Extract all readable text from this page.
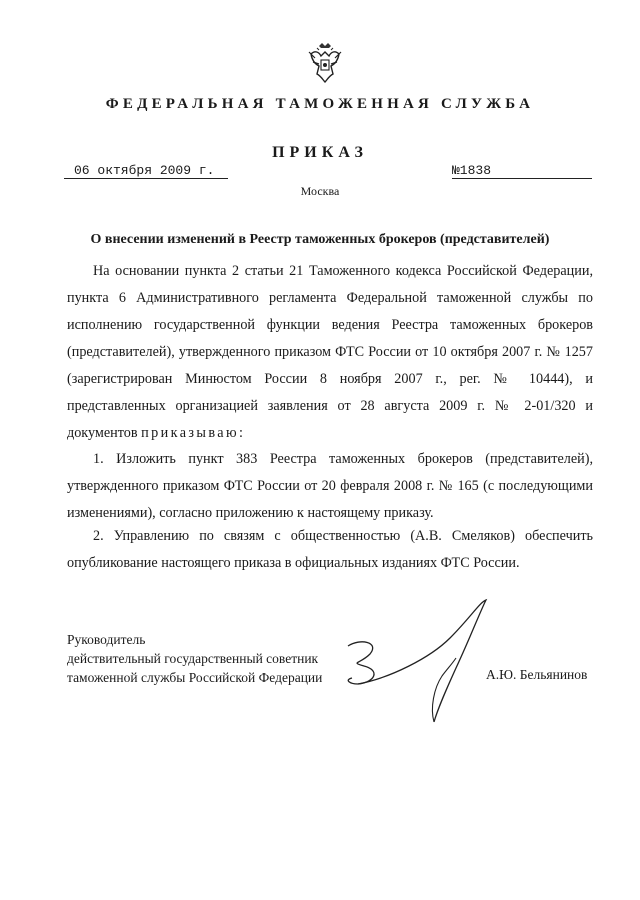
ФЕДЕРАЛЬНАЯ ТАМОЖЕННАЯ СЛУЖБА
ПРИКАЗ
06 октября 2009 г.	№1838
Москва
О внесении изменений в Реестр таможенных брокеров (представителей)

На основании пункта 2 статьи 21 Таможенного кодекса Российской Федерации, пункта 6 Административного регламента Федеральной таможенной службы по исполнению государственной функции ведения Реестра таможенных брокеров (представителей), утвержденного приказом ФТС России от 10 октября 2007 г. № 1257 (зарегистрирован Минюстом России 8 ноября 2007 г., рег. № 10444), и представленных организацией заявления от 28 августа 2009 г. № 2-01/320 и документов приказываю:

1. Изложить пункт 383 Реестра таможенных брокеров (представителей), утвержденного приказом ФТС России от 20 февраля 2008 г. № 165 (с последующими изменениями), согласно приложению к настоящему приказу.

2. Управлению по связям с общественностью (А.В. Смеляков) обеспечить опубликование настоящего приказа в официальных изданиях ФТС России.

Руководитель
действительный государственный советник
таможенной службы Российской Федерации	А.Ю. Бельянинов
